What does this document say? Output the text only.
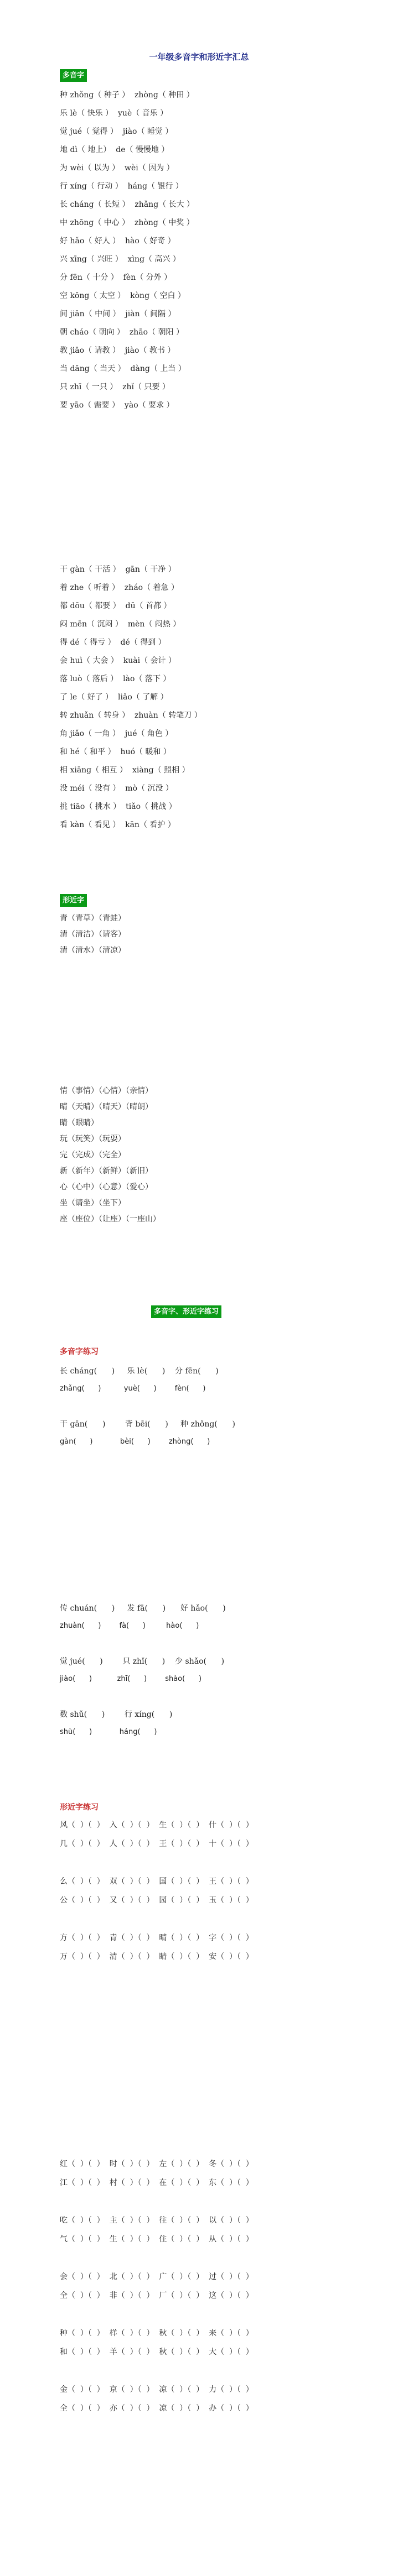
一年级多音字和形近字汇总
多音字
种 zhǒng（ 种子 ）  zhòng（ 种田 ）
乐 lè（ 快乐 ）  yuè（ 音乐 ）
觉 jué（ 觉得 ）  jiào（ 睡觉 ）
地 dì（ 地上）  de（ 慢慢地 ）
为 wèi（ 以为 ）  wèi（ 因为 ）
行 xíng（ 行动 ）  háng（ 银行 ）
长 cháng（ 长短 ）  zhǎng（ 长大 ）
中 zhōng（ 中心 ）  zhòng（ 中奖 ）
好 hǎo（ 好人 ）  hào（ 好奇 ）
兴 xīng（ 兴旺 ）  xìng（ 高兴 ）
分 fēn（ 十分 ）  fèn（ 分外 ）
空 kōng（ 太空 ）  kòng（ 空白 ）
间 jiān（ 中间 ）  jiàn（ 间隔 ）
朝 cháo（ 朝向 ）  zhāo（ 朝阳 ）
教 jiāo（ 请教 ）  jiào（ 教书 ）
当 dāng（ 当天 ）  dàng（ 上当 ）
只 zhī（ 一只 ）  zhǐ（ 只要 ）
要 yāo（ 需要 ）  yào（ 要求 ）
干 gàn（ 干活 ）  gān（ 干净 ）
着 zhe（ 听着 ）  zháo（ 着急 ）
都 dōu（ 都要 ）  dū（ 首都 ）
闷 mēn（ 沉闷 ）  mèn（ 闷热 ）
得 dé（ 得亏 ）  dé（ 得到 ）
会 huì（ 大会 ）  kuài（ 会计 ）
落 luò（ 落后 ）  lào（ 落下 ）
了 le（ 好了 ）  liǎo（ 了解 ）
转 zhuǎn（ 转身 ）  zhuàn（ 转笔刀 ）
角 jiǎo（ 一角 ）  jué（ 角色 ）
和 hé（ 和平 ）  huó（ 暖和 ）
相 xiāng（ 相互 ）  xiàng（ 照相 ）
没 méi（ 没有 ）  mò（ 沉没 ）
挑 tiāo（ 挑水 ）  tiǎo（ 挑战 ）
看 kàn（ 看见 ）  kān（ 看护 ）
形近字
青（青草）（青蛙）
清（清洁）（请客）
清（清水）（清凉）
情（事情）（心情）（亲情）
晴（天晴）（晴天）（晴朗）
睛（眼睛）
玩（玩笑）（玩耍）
完（完成）（完全）
新（新年）（新鲜）（新旧）
心（心中）（心意）（爱心）
坐（请坐）（坐下）
座（座位）（让座）（一座山）
多音字、形近字练习
多音字练习
长 cháng(      )     乐 lè(      )    分 fēn(      )
zhǎng(      )          yuè(      )        fèn(      )
干 gān(      )        背 bēi(      )     种 zhǒng(      )
gàn(      )            bèi(      )        zhòng(      )
传 chuán(      )     发 fā(      )      好 hǎo(      )
zhuàn(      )        fà(      )         hào(      )
觉 jué(      )        只 zhǐ(      )    少 shǎo(      )
jiào(      )           zhī(      )        shào(      )
数 shǔ(      )        行 xíng(      )
shù(      )            háng(      )
形近字练习
风（  ）（  ）  入（  ）（  ）  生（  ）（  ）  什（  ）（  ）
几（  ）（  ）  人（  ）（  ）  王（  ）（  ）  十（  ）（  ）
么（  ）（  ）  双（  ）（  ）  国（  ）（  ）  王（  ）（  ）
公（  ）（  ）  又（  ）（  ）  园（  ）（  ）  玉（  ）（  ）
方（  ）（  ）  青（  ）（  ）  晴（  ）（  ）  字（  ）（  ）
万（  ）（  ）  清（  ）（  ）  睛（  ）（  ）  安（  ）（  ）
红（  ）（  ）  时（  ）（  ）  左（  ）（  ）  冬（  ）（  ）
江（  ）（  ）  村（  ）（  ）  在（  ）（  ）  东（  ）（  ）
吃（  ）（  ）  主（  ）（  ）  往（  ）（  ）  以（  ）（  ）
气（  ）（  ）  生（  ）（  ）  住（  ）（  ）  从（  ）（  ）
会（  ）（  ）  北（  ）（  ）  广（  ）（  ）  过（  ）（  ）
全（  ）（  ）  非（  ）（  ）  厂（  ）（  ）  这（  ）（  ）
种（  ）（  ）  样（  ）（  ）  秋（  ）（  ）  来（  ）（  ）
和（  ）（  ）  羊（  ）（  ）  秋（  ）（  ）  大（  ）（  ）
金（  ）（  ）  京（  ）（  ）  凉（  ）（  ）  力（  ）（  ）
全（  ）（  ）  亦（  ）（  ）  凉（  ）（  ）  办（  ）（  ）
